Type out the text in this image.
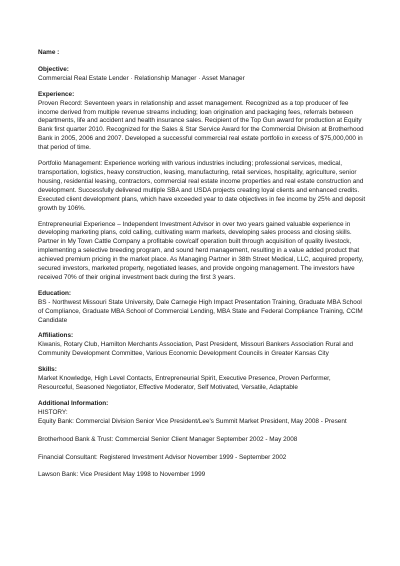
Name :
Objective:

Commercial Real Estate Lender · Relationship Manager · Asset Manager

Experience:

Proven Record: Seventeen years in relationship and asset management. Recognized as a top producer of fee income derived from multiple revenue streams including; loan origination and packaging fees, referrals between departments, life and accident and health insurance sales. Recipient of the Top Gun award for production at Equity Bank first quarter 2010. Recognized for the Sales & Star Service Award for the Commercial Division at Brotherhood Bank in 2005, 2006 and 2007. Developed a successful commercial real estate portfolio in excess of $75,000,000 in that period of time.

Portfolio Management: Experience working with various industries including; professional services, medical, transportation, logistics, heavy construction, leasing, manufacturing, retail services, hospitality, agriculture, senior housing, residential leasing, contractors, commercial real estate income properties and real estate construction and development. Successfully delivered multiple SBA and USDA projects creating loyal clients and enhanced credits. Executed client development plans, which have exceeded year to date objectives in fee income by 25% and deposit growth by 106%.

Entrepreneurial Experience – Independent Investment Advisor in over two years gained valuable experience in developing marketing plans, cold calling, cultivating warm markets, developing sales process and closing skills. Partner in My Town Cattle Company a profitable cow/calf operation built through acquisition of quality livestock, implementing a selective breeding program, and sound herd management, resulting in a value added product that achieved premium pricing in the market place. As Managing Partner in 38th Street Medical, LLC, acquired property, secured investors, marketed property, negotiated leases, and provide ongoing management. The investors have received 70% of their original investment back during the first 3 years.

Education:

BS - Northwest Missouri State University, Dale Carnegie High Impact Presentation Training, Graduate MBA School of Compliance, Graduate MBA School of Commercial Lending, MBA State and Federal Compliance Training, CCIM Candidate

Affiliations:

Kiwanis, Rotary Club, Hamilton Merchants Association, Past President, Missouri Bankers Association Rural and Community Development Committee, Various Economic Development Councils in Greater Kansas City

Skills:

Market Knowledge, High Level Contacts, Entrepreneurial Spirit, Executive Presence, Proven Performer, Resourceful, Seasoned Negotiator, Effective Moderator, Self Motivated, Versatile, Adaptable

Additional Information:

HISTORY:

Equity Bank: Commercial Division Senior Vice President/Lee's Summit Market President, May 2008 - Present

Brotherhood Bank & Trust: Commercial Senior Client Manager September 2002 - May 2008

Financial Consultant: Registered Investment Advisor November 1999 - September 2002

Lawson Bank: Vice President May 1998 to November 1999
